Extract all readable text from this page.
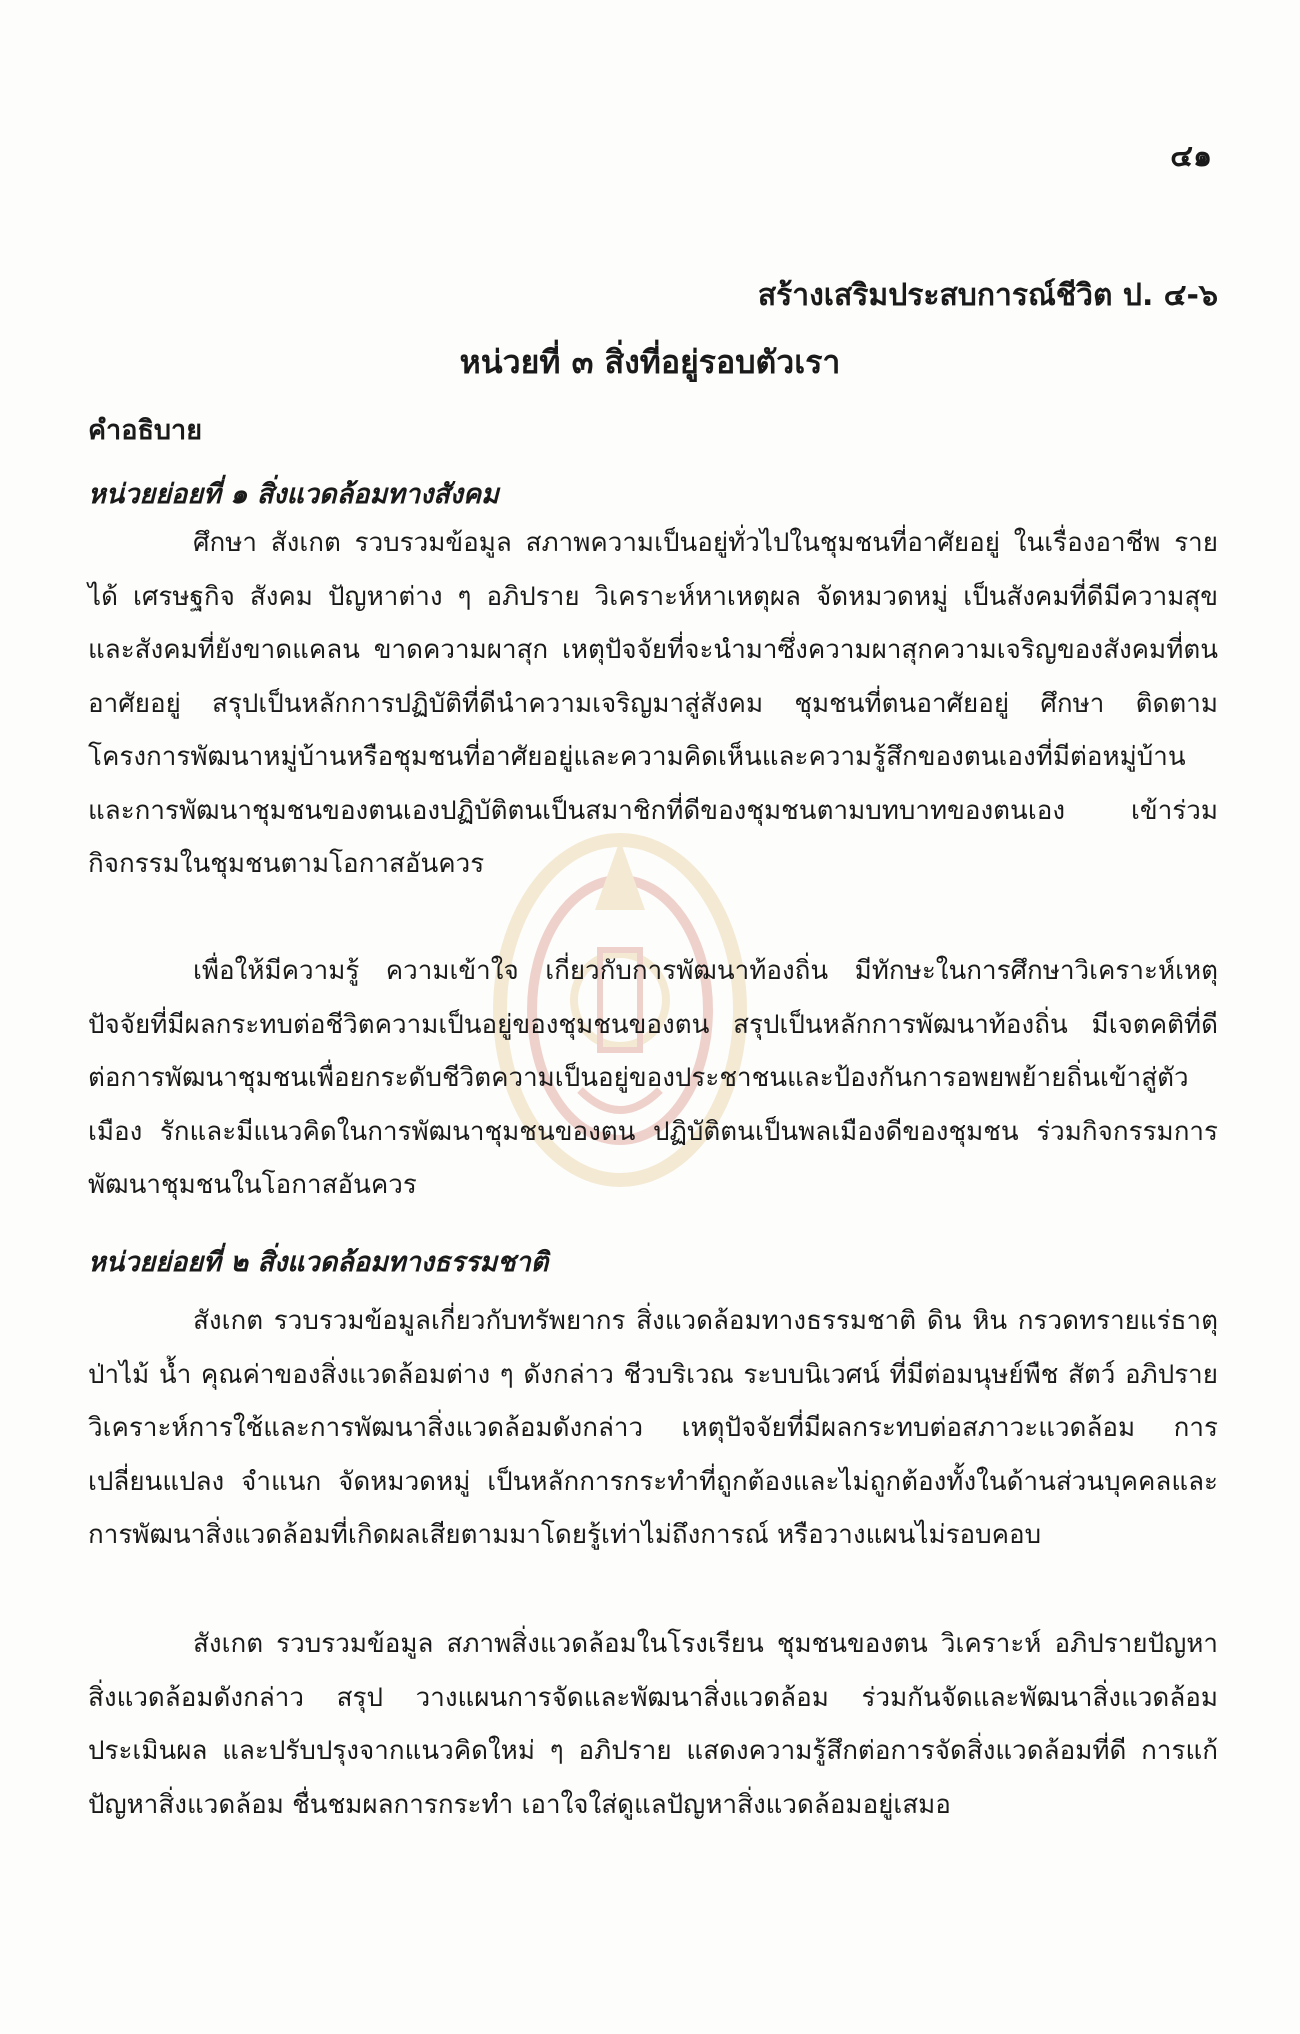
๔๑
สร้างเสริมประสบการณ์ชีวิต ป. ๔-๖
หน่วยที่ ๓ สิ่งที่อยู่รอบตัวเรา
คำอธิบาย
หน่วยย่อยที่ ๑ สิ่งแวดล้อมทางสังคม

ศึกษา สังเกต รวบรวมข้อมูล สภาพความเป็นอยู่ทั่วไปในชุมชนที่อาศัยอยู่ ในเรื่องอาชีพ รายได้ เศรษฐกิจ สังคม ปัญหาต่าง ๆ อภิปราย วิเคราะห์หาเหตุผล จัดหมวดหมู่ เป็นสังคมที่ดีมีความสุข และสังคมที่ยังขาดแคลน ขาดความผาสุก เหตุปัจจัยที่จะนำมาซึ่งความผาสุกความเจริญของสังคมที่ตนอาศัยอยู่ สรุปเป็นหลักการปฏิบัติที่ดีนำความเจริญมาสู่สังคม ชุมชนที่ตนอาศัยอยู่ ศึกษา ติดตามโครงการพัฒนาหมู่บ้านหรือชุมชนที่อาศัยอยู่และความคิดเห็นและความรู้สึกของตนเองที่มีต่อหมู่บ้านและการพัฒนาชุมชนของตนเองปฏิบัติตนเป็นสมาชิกที่ดีของชุมชนตามบทบาทของตนเอง เข้าร่วมกิจกรรมในชุมชนตามโอกาสอันควร

เพื่อให้มีความรู้ ความเข้าใจ เกี่ยวกับการพัฒนาท้องถิ่น มีทักษะในการศึกษาวิเคราะห์เหตุปัจจัยที่มีผลกระทบต่อชีวิตความเป็นอยู่ของชุมชนของตน สรุปเป็นหลักการพัฒนาท้องถิ่น มีเจตคติที่ดีต่อการพัฒนาชุมชนเพื่อยกระดับชีวิตความเป็นอยู่ของประชาชนและป้องกันการอพยพย้ายถิ่นเข้าสู่ตัวเมือง รักและมีแนวคิดในการพัฒนาชุมชนของตน ปฏิบัติตนเป็นพลเมืองดีของชุมชน ร่วมกิจกรรมการพัฒนาชุมชนในโอกาสอันควร

หน่วยย่อยที่ ๒ สิ่งแวดล้อมทางธรรมชาติ

สังเกต รวบรวมข้อมูลเกี่ยวกับทรัพยากร สิ่งแวดล้อมทางธรรมชาติ ดิน หิน กรวดทรายแร่ธาตุ ป่าไม้ น้ำ คุณค่าของสิ่งแวดล้อมต่าง ๆ ดังกล่าว ชีวบริเวณ ระบบนิเวศน์ ที่มีต่อมนุษย์พืช สัตว์ อภิปราย วิเคราะห์การใช้และการพัฒนาสิ่งแวดล้อมดังกล่าว เหตุปัจจัยที่มีผลกระทบต่อสภาวะแวดล้อม การเปลี่ยนแปลง จำแนก จัดหมวดหมู่ เป็นหลักการกระทำที่ถูกต้องและไม่ถูกต้องทั้งในด้านส่วนบุคคลและการพัฒนาสิ่งแวดล้อมที่เกิดผลเสียตามมาโดยรู้เท่าไม่ถึงการณ์ หรือวางแผนไม่รอบคอบ

สังเกต รวบรวมข้อมูล สภาพสิ่งแวดล้อมในโรงเรียน ชุมชนของตน วิเคราะห์ อภิปรายปัญหาสิ่งแวดล้อมดังกล่าว สรุป วางแผนการจัดและพัฒนาสิ่งแวดล้อม ร่วมกันจัดและพัฒนาสิ่งแวดล้อม ประเมินผล และปรับปรุงจากแนวคิดใหม่ ๆ อภิปราย แสดงความรู้สึกต่อการจัดสิ่งแวดล้อมที่ดี การแก้ปัญหาสิ่งแวดล้อม ชื่นชมผลการกระทำ เอาใจใส่ดูแลปัญหาสิ่งแวดล้อมอยู่เสมอ
